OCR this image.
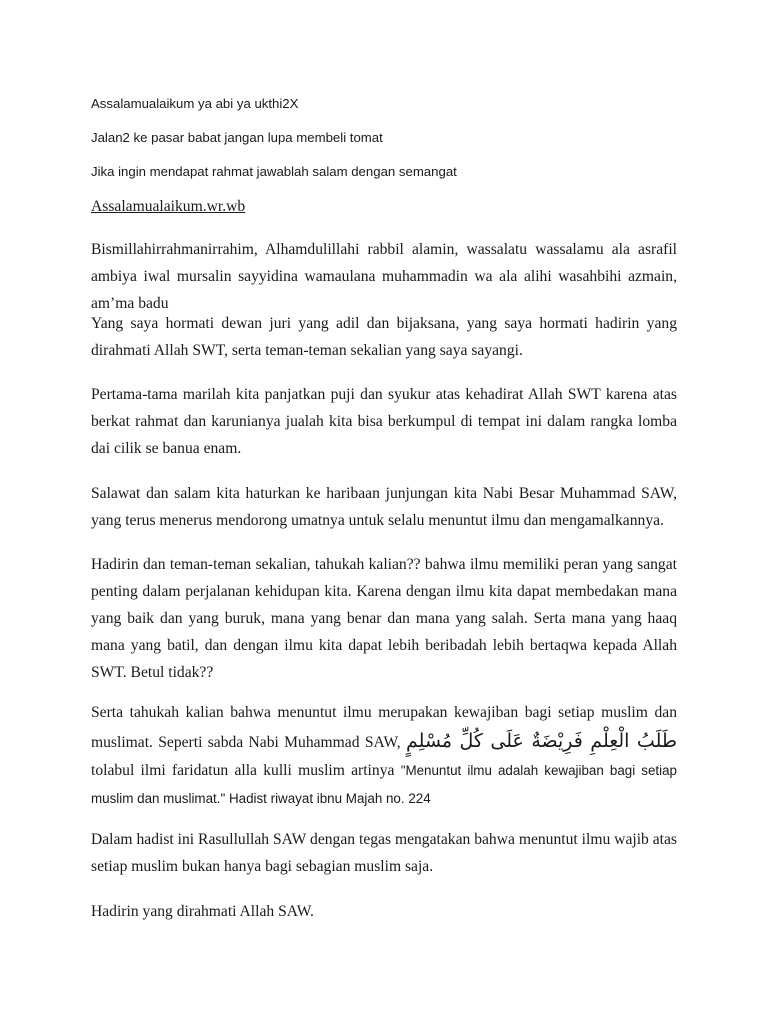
Assalamualaikum ya abi ya ukthi2X
Jalan2 ke pasar babat jangan lupa membeli tomat
Jika ingin mendapat rahmat jawablah salam dengan semangat
Assalamualaikum.wr.wb

Bismillahirrahmanirrahim, Alhamdulillahi rabbil alamin, wassalatu wassalamu ala asrafil ambiya iwal mursalin sayyidina wamaulana muhammadin wa ala alihi wasahbihi azmain, am’ma badu

Yang saya hormati dewan juri yang adil dan bijaksana, yang saya hormati hadirin yang dirahmati Allah SWT, serta teman-teman sekalian yang saya sayangi.

Pertama-tama marilah kita panjatkan puji dan syukur atas kehadirat Allah SWT karena atas berkat rahmat dan karunianya jualah kita bisa berkumpul di tempat ini dalam rangka lomba dai cilik se banua enam.

Salawat dan salam kita haturkan ke haribaan junjungan kita Nabi Besar Muhammad SAW, yang terus menerus mendorong umatnya untuk selalu menuntut ilmu dan mengamalkannya.

Hadirin dan teman-teman sekalian, tahukah kalian?? bahwa ilmu memiliki peran yang sangat penting dalam perjalanan kehidupan kita. Karena dengan ilmu kita dapat membedakan mana yang baik dan yang buruk, mana yang benar dan mana yang salah. Serta mana yang haaq mana yang batil, dan dengan ilmu kita dapat lebih beribadah lebih bertaqwa kepada Allah SWT. Betul tidak??

Serta tahukah kalian bahwa menuntut ilmu merupakan kewajiban bagi setiap muslim dan muslimat. Seperti sabda Nabi Muhammad SAW, طَلَبُ الْعِلْمِ فَرِيْضَةٌ عَلَى كُلِّ مُسْلِمٍ tolabul ilmi faridatun alla kulli muslim artinya "Menuntut ilmu adalah kewajiban bagi setiap muslim dan muslimat." Hadist riwayat ibnu Majah no. 224

Dalam hadist ini Rasullullah SAW dengan tegas mengatakan bahwa menuntut ilmu wajib atas setiap muslim bukan hanya bagi sebagian muslim saja.

Hadirin yang dirahmati Allah SAW.
